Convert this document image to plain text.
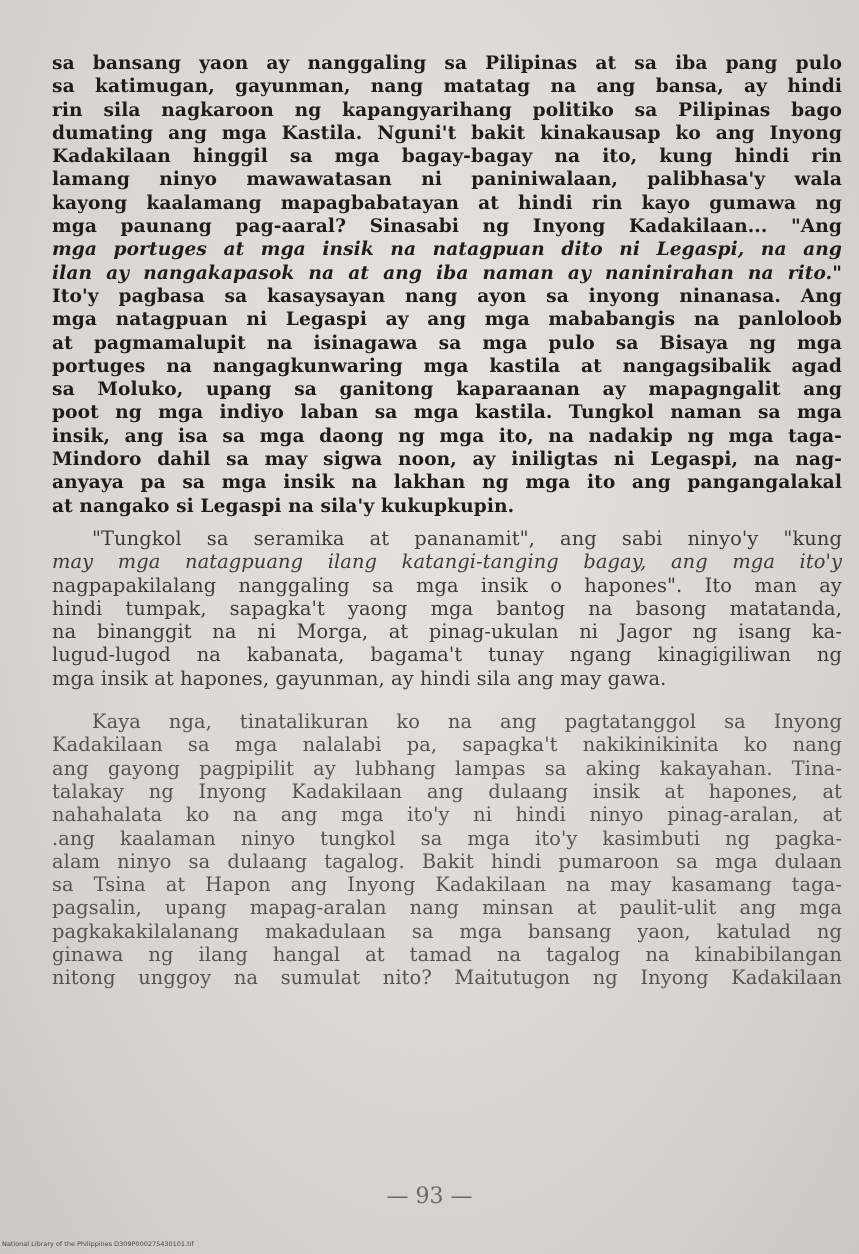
sa bansang yaon ay nanggaling sa Pilipinas at sa iba pang pulo
sa katimugan, gayunman, nang matatag na ang bansa, ay hindi
rin sila nagkaroon ng kapangyarihang politiko sa Pilipinas bago
dumating ang mga Kastila. Nguni't bakit kinakausap ko ang Inyong
Kadakilaan hinggil sa mga bagay-bagay na ito, kung hindi rin
lamang ninyo mawawatasan ni paniniwalaan, palibhasa'y wala
kayong kaalamang mapagbabatayan at hindi rin kayo gumawa ng
mga paunang pag-aaral? Sinasabi ng Inyong Kadakilaan... "Ang
mga portuges at mga insik na natagpuan dito ni Legaspi, na ang
ilan ay nangakapasok na at ang iba naman ay naninirahan na rito."
Ito'y pagbasa sa kasaysayan nang ayon sa inyong ninanasa. Ang
mga natagpuan ni Legaspi ay ang mga mababangis na panloloob
at pagmamalupit na isinagawa sa mga pulo sa Bisaya ng mga
portuges na nangagkunwaring mga kastila at nangagsibalik agad
sa Moluko, upang sa ganitong kaparaanan ay mapagngalit ang
poot ng mga indiyo laban sa mga kastila. Tungkol naman sa mga
insik, ang isa sa mga daong ng mga ito, na nadakip ng mga taga-
Mindoro dahil sa may sigwa noon, ay iniligtas ni Legaspi, na nag-
anyaya pa sa mga insik na lakhan ng mga ito ang pangangalakal
at nangako si Legaspi na sila'y kukupkupin.
"Tungkol sa seramika at pananamit", ang sabi ninyo'y "kung
may mga natagpuang ilang katangi-tanging bagay, ang mga ito'y
nagpapakilalang nanggaling sa mga insik o hapones". Ito man ay
hindi tumpak, sapagka't yaong mga bantog na basong matatanda,
na binanggit na ni Morga, at pinag-ukulan ni Jagor ng isang ka-
lugud-lugod na kabanata, bagama't tunay ngang kinagigiliwan ng
mga insik at hapones, gayunman, ay hindi sila ang may gawa.
Kaya nga, tinatalikuran ko na ang pagtatanggol sa Inyong
Kadakilaan sa mga nalalabi pa, sapagka't nakikinikinita ko nang
ang gayong pagpipilit ay lubhang lampas sa aking kakayahan. Tina-
talakay ng Inyong Kadakilaan ang dulaang insik at hapones, at
nahahalata ko na ang mga ito'y ni hindi ninyo pinag-aralan, at
.ang kaalaman ninyo tungkol sa mga ito'y kasimbuti ng pagka-
alam ninyo sa dulaang tagalog. Bakit hindi pumaroon sa mga dulaan
sa Tsina at Hapon ang Inyong Kadakilaan na may kasamang taga-
pagsalin, upang mapag-aralan nang minsan at paulit-ulit ang mga
pagkakakilalanang makadulaan sa mga bansang yaon, katulad ng
ginawa ng ilang hangal at tamad na tagalog na kinabibilangan
nitong unggoy na sumulat nito? Maitutugon ng Inyong Kadakilaan
— 93 —
National Library of the Philippines D309P000275430101.tif
